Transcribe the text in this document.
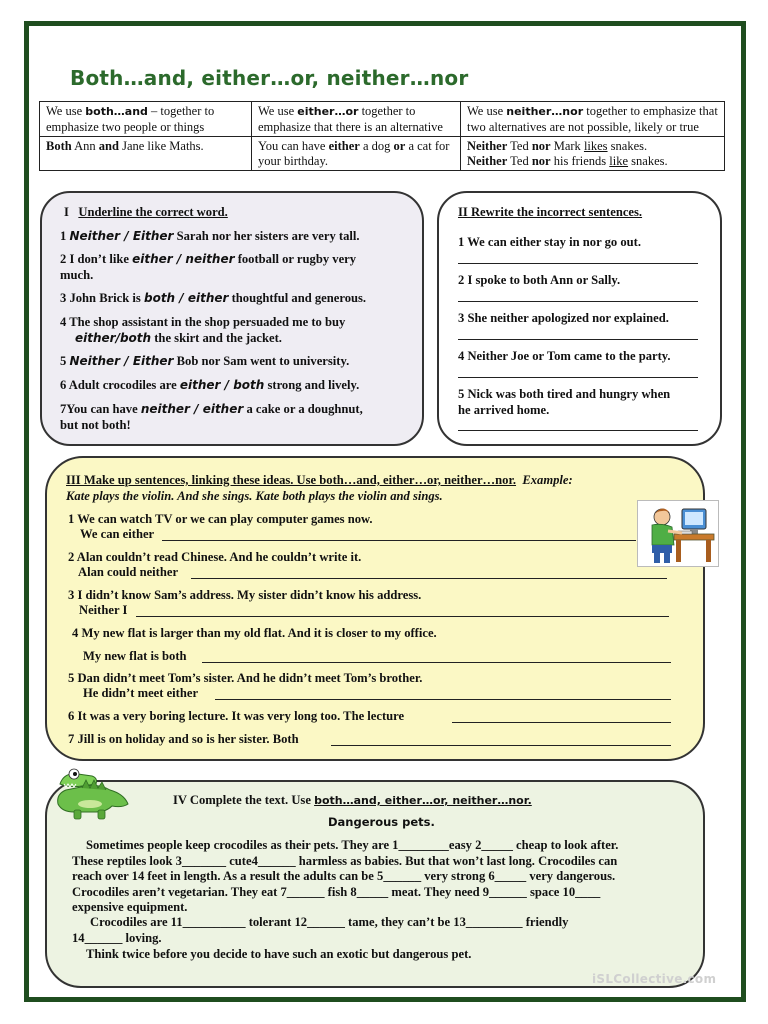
Both…and, either…or, neither…nor
We use both…and – together to emphasize two people or things	We use either…or together to emphasize that there is an alternative	We use neither…nor together to emphasize that two alternatives are not possible, likely or true
Both Ann and Jane like Maths.	You can have either a dog or a cat for your birthday.	Neither Ted nor Mark likes snakes.
Neither Ted nor his friends like snakes.
I Underline the correct word.
1 Neither / Either Sarah nor her sisters are very tall.
2 I don’t like either / neither football or rugby very
much.
3 John Brick is both / either thoughtful and generous.
4 The shop assistant in the shop persuaded me to buy
either/both the skirt and the jacket.
5 Neither / Either Bob nor Sam went to university.
6 Adult crocodiles are either / both strong and lively.
7You can have neither / either a cake or a doughnut,
but not both!
II Rewrite the incorrect sentences.
1 We can either stay in nor go out.
2 I spoke to both Ann or Sally.
3 She neither apologized nor explained.
4 Neither Joe or Tom came to the party.
5 Nick was both tired and hungry when
he arrived home.
III Make up sentences, linking these ideas. Use both…and, either…or, neither…nor. Example:
Kate plays the violin. And she sings. Kate both plays the violin and sings.
1 We can watch TV or we can play computer games now.
We can either
2 Alan couldn’t read Chinese. And he couldn’t write it.
Alan could neither
3 I didn’t know Sam’s address. My sister didn’t know his address.
Neither I
4 My new flat is larger than my old flat. And it is closer to my office.
My new flat is both
5 Dan didn’t meet Tom’s sister. And he didn’t meet Tom’s brother.
He didn’t meet either
6 It was a very boring lecture. It was very long too. The lecture
7 Jill is on holiday and so is her sister. Both
IV Complete the text. Use both…and, either…or, neither…nor.
Dangerous pets.
Sometimes people keep crocodiles as their pets. They are 1________easy 2_____ cheap to look after.
These reptiles look 3_______ cute4______ harmless as babies. But that won’t last long. Crocodiles can
reach over 14 feet in length. As a result the adults can be 5______ very strong 6_____ very dangerous.
Crocodiles aren’t vegetarian. They eat 7______ fish 8_____ meat. They need 9______ space 10____
expensive equipment.
Crocodiles are 11__________ tolerant 12______ tame, they can’t be 13_________ friendly
14______ loving.
Think twice before you decide to have such an exotic but dangerous pet.
iSLCollective.com
